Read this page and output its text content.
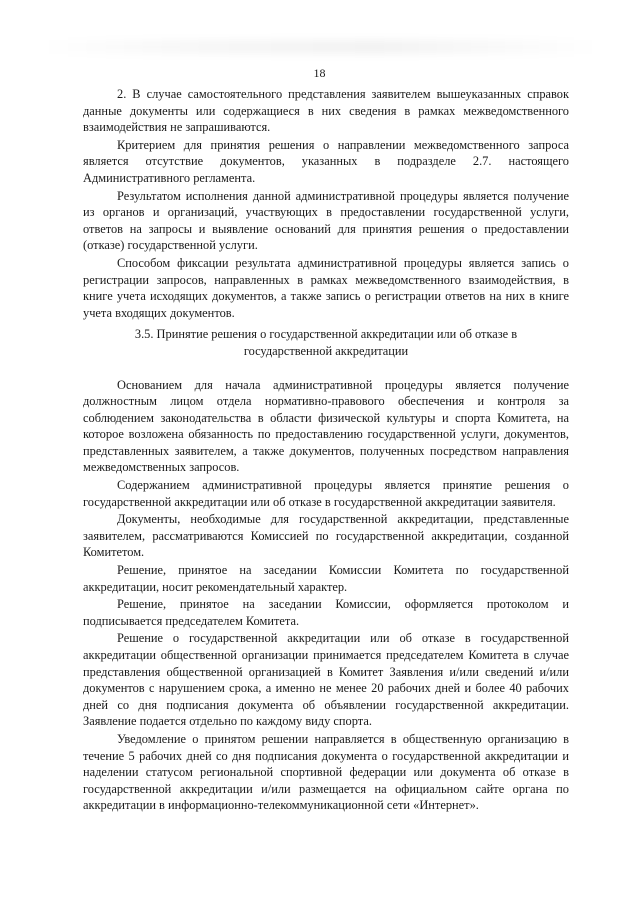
18

2. В случае самостоятельного представления заявителем вышеуказанных справок данные документы или содержащиеся в них сведения в рамках межведомственного взаимодействия не запрашиваются.

Критерием для принятия решения о направлении межведомственного запроса является отсутствие документов, указанных в подразделе 2.7. настоящего Административного регламента.

Результатом исполнения данной административной процедуры является получение из органов и организаций, участвующих в предоставлении государственной услуги, ответов на запросы и выявление оснований для принятия решения о предоставлении (отказе) государственной услуги.

Способом фиксации результата административной процедуры является запись о регистрации запросов, направленных в рамках межведомственного взаимодействия, в книге учета исходящих документов, а также запись о регистрации ответов на них в книге учета входящих документов.

3.5. Принятие решения о государственной аккредитации или об отказе в государственной аккредитации

Основанием для начала административной процедуры является получение должностным лицом отдела нормативно-правового обеспечения и контроля за соблюдением законодательства в области физической культуры и спорта Комитета, на которое возложена обязанность по предоставлению государственной услуги, документов, представленных заявителем, а также документов, полученных посредством направления межведомственных запросов.

Содержанием административной процедуры является принятие решения о государственной аккредитации или об отказе в государственной аккредитации заявителя.

Документы, необходимые для государственной аккредитации, представленные заявителем, рассматриваются Комиссией по государственной аккредитации, созданной Комитетом.

Решение, принятое на заседании Комиссии Комитета по государственной аккредитации, носит рекомендательный характер.

Решение, принятое на заседании Комиссии, оформляется протоколом и подписывается председателем Комитета.

Решение о государственной аккредитации или об отказе в государственной аккредитации общественной организации принимается председателем Комитета в случае представления общественной организацией в Комитет Заявления и/или сведений и/или документов с нарушением срока, а именно не менее 20 рабочих дней и более 40 рабочих дней со дня подписания документа об объявлении государственной аккредитации. Заявление подается отдельно по каждому виду спорта.

Уведомление о принятом решении направляется в общественную организацию в течение 5 рабочих дней со дня подписания документа о государственной аккредитации и наделении статусом региональной спортивной федерации или документа об отказе в государственной аккредитации и/или размещается на официальном сайте органа по аккредитации в информационно-телекоммуникационной сети «Интернет».
